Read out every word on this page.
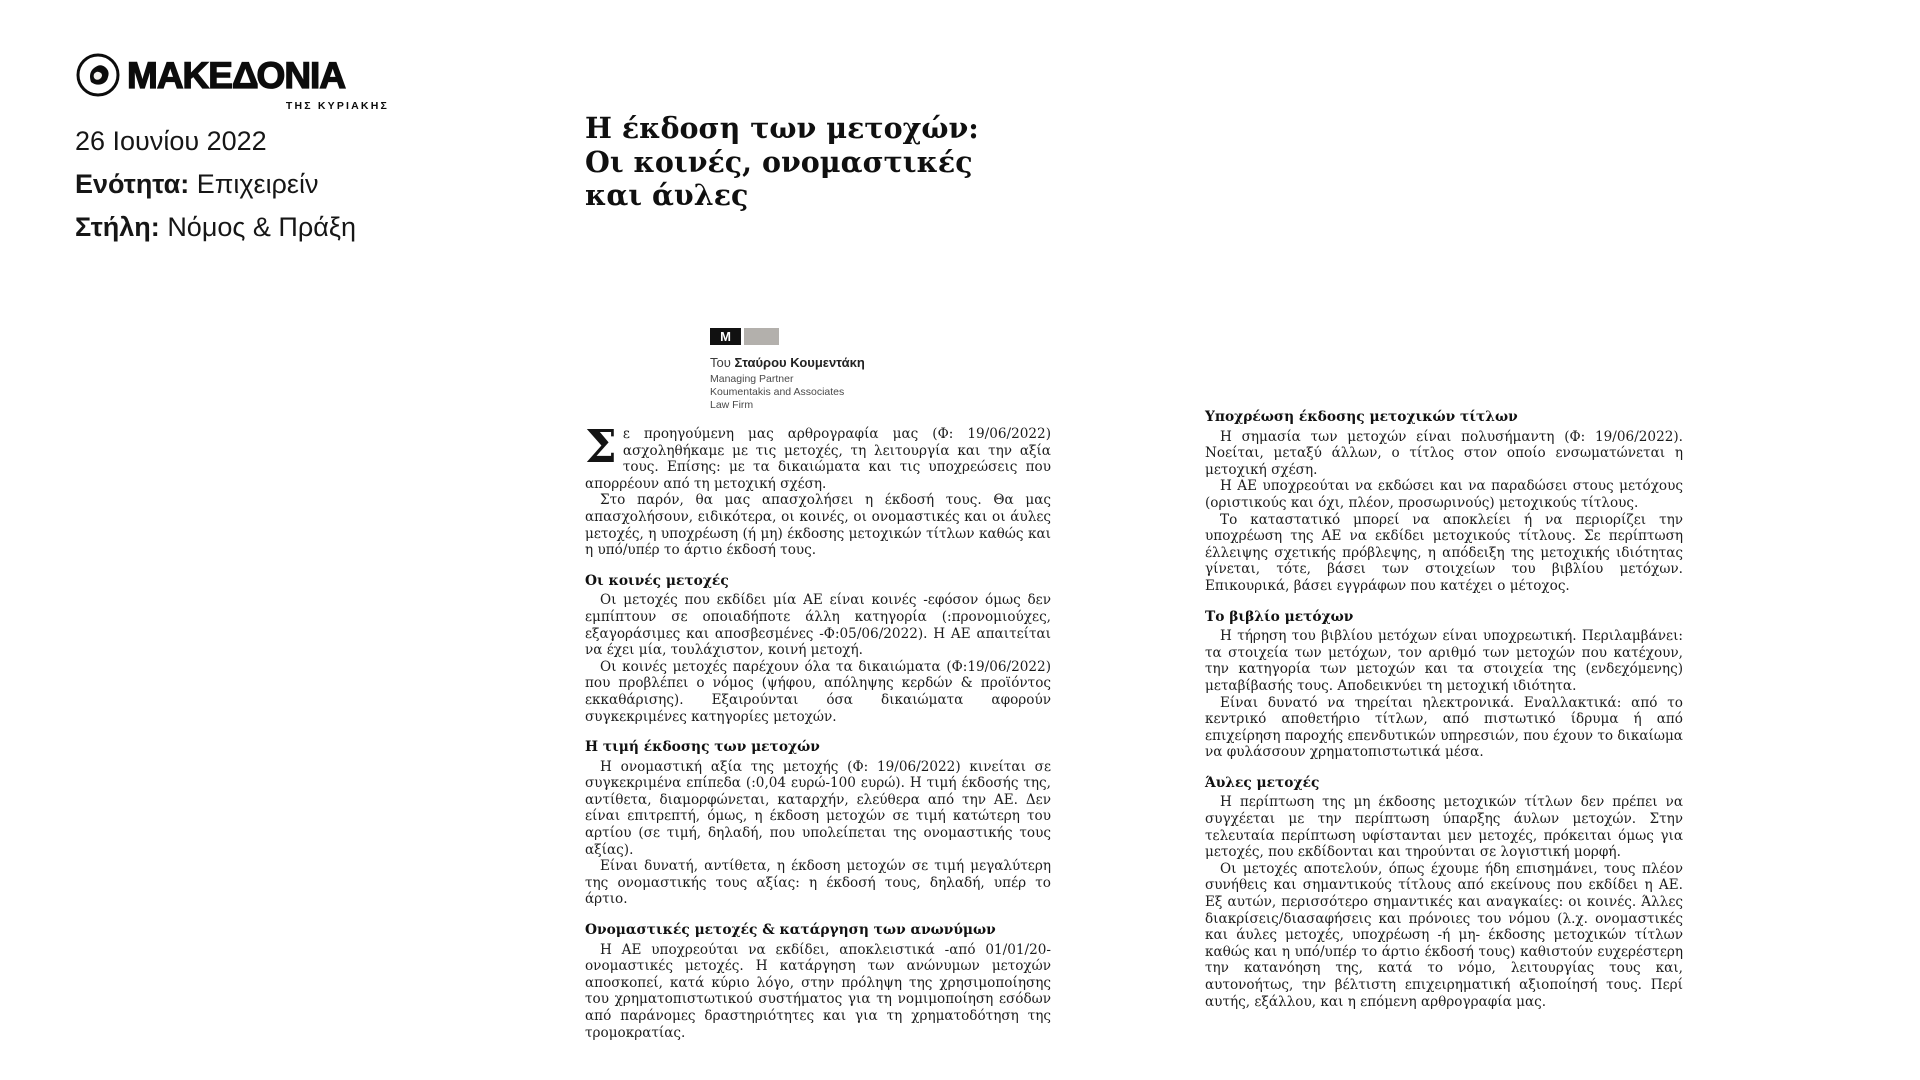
ΜΑΚΕΔΟΝΙΑ
ΤΗΣ ΚΥΡΙΑΚΗΣ
26 Ιουνίου 2022
Ενότητα: Επιχειρείν
Στήλη: Νόμος & Πράξη
Η έκδοση των μετοχών:
Οι κοινές, ονομαστικές
και άυλες
M
Του Σταύρου Κουμεντάκη
Managing Partner
Koumentakis and Associates
Law Firm

Σε προηγούμενη μας αρθρογραφία μας (Φ: 19/06/2022) ασχοληθήκαμε με τις μετοχές, τη λειτουργία και την αξία τους. Επίσης: με τα δικαιώματα και τις υποχρεώσεις που απορρέουν από τη μετοχική σχέση.

Στο παρόν, θα μας απασχολήσει η έκδοσή τους. Θα μας απασχολήσουν, ειδικότερα, οι κοινές, οι ονομαστικές και οι άυλες μετοχές, η υποχρέωση (ή μη) έκδοσης μετοχικών τίτλων καθώς και η υπό/υπέρ το άρτιο έκδοσή τους.

Οι κοινές μετοχές

Οι μετοχές που εκδίδει μία ΑΕ είναι κοινές -εφόσον όμως δεν εμπίπτουν σε οποιαδήποτε άλλη κατηγορία (:προνομιούχες, εξαγοράσιμες και αποσβεσμένες -Φ:05/06/2022). Η ΑΕ απαιτείται να έχει μία, τουλάχιστον, κοινή μετοχή.

Οι κοινές μετοχές παρέχουν όλα τα δικαιώματα (Φ:19/06/2022) που προβλέπει ο νόμος (ψήφου, απόληψης κερδών & προϊόντος εκκαθάρισης). Εξαιρούνται όσα δικαιώματα αφορούν συγκεκριμένες κατηγορίες μετοχών.

Η τιμή έκδοσης των μετοχών

Η ονομαστική αξία της μετοχής (Φ: 19/06/2022) κινείται σε συγκεκριμένα επίπεδα (:0,04 ευρώ-100 ευρώ). Η τιμή έκδοσής της, αντίθετα, διαμορφώνεται, καταρχήν, ελεύθερα από την ΑΕ. Δεν είναι επιτρεπτή, όμως, η έκδοση μετοχών σε τιμή κατώτερη του αρτίου (σε τιμή, δηλαδή, που υπολείπεται της ονομαστικής τους αξίας).

Είναι δυνατή, αντίθετα, η έκδοση μετοχών σε τιμή μεγαλύτερη της ονομαστικής τους αξίας: η έκδοσή τους, δηλαδή, υπέρ το άρτιο.

Ονομαστικές μετοχές & κατάργηση των ανωνύμων

Η ΑΕ υποχρεούται να εκδίδει, αποκλειστικά -από 01/01/20- ονομαστικές μετοχές. Η κατάργηση των ανώνυμων μετοχών αποσκοπεί, κατά κύριο λόγο, στην πρόληψη της χρησιμοποίησης του χρηματοπιστωτικού συστήματος για τη νομιμοποίηση εσόδων από παράνομες δραστηριότητες και για τη χρηματοδότηση της τρομοκρατίας.

Υποχρέωση έκδοσης μετοχικών τίτλων

Η σημασία των μετοχών είναι πολυσήμαντη (Φ: 19/06/2022). Νοείται, μεταξύ άλλων, ο τίτλος στον οποίο ενσωματώνεται η μετοχική σχέση.

Η ΑΕ υποχρεούται να εκδώσει και να παραδώσει στους μετόχους (οριστικούς και όχι, πλέον, προσωρινούς) μετοχικούς τίτλους.

Το καταστατικό μπορεί να αποκλείει ή να περιορίζει την υποχρέωση της ΑΕ να εκδίδει μετοχικούς τίτλους. Σε περίπτωση έλλειψης σχετικής πρόβλεψης, η απόδειξη της μετοχικής ιδιότητας γίνεται, τότε, βάσει των στοιχείων του βιβλίου μετόχων. Επικουρικά, βάσει εγγράφων που κατέχει ο μέτοχος.

Το βιβλίο μετόχων

Η τήρηση του βιβλίου μετόχων είναι υποχρεωτική. Περιλαμβάνει: τα στοιχεία των μετόχων, τον αριθμό των μετοχών που κατέχουν, την κατηγορία των μετοχών και τα στοιχεία της (ενδεχόμενης) μεταβίβασής τους. Αποδεικνύει τη μετοχική ιδιότητα.

Είναι δυνατό να τηρείται ηλεκτρονικά. Εναλλακτικά: από το κεντρικό αποθετήριο τίτλων, από πιστωτικό ίδρυμα ή από επιχείρηση παροχής επενδυτικών υπηρεσιών, που έχουν το δικαίωμα να φυλάσσουν χρηματοπιστωτικά μέσα.

Άυλες μετοχές

Η περίπτωση της μη έκδοσης μετοχικών τίτλων δεν πρέπει να συγχέεται με την περίπτωση ύπαρξης άυλων μετοχών. Στην τελευταία περίπτωση υφίστανται μεν μετοχές, πρόκειται όμως για μετοχές, που εκδίδονται και τηρούνται σε λογιστική μορφή.

Οι μετοχές αποτελούν, όπως έχουμε ήδη επισημάνει, τους πλέον συνήθεις και σημαντικούς τίτλους από εκείνους που εκδίδει η ΑΕ. Εξ αυτών, περισσότερο σημαντικές και αναγκαίες: οι κοινές. Άλλες διακρίσεις/διασαφήσεις και πρόνοιες του νόμου (λ.χ. ονομαστικές και άυλες μετοχές, υποχρέωση -ή μη- έκδοσης μετοχικών τίτλων καθώς και η υπό/υπέρ το άρτιο έκδοσή τους) καθιστούν ευχερέστερη την κατανόηση της, κατά το νόμο, λειτουργίας τους και, αυτονοήτως, την βέλτιστη επιχειρηματική αξιοποίησή τους. Περί αυτής, εξάλλου, και η επόμενη αρθρογραφία μας.
